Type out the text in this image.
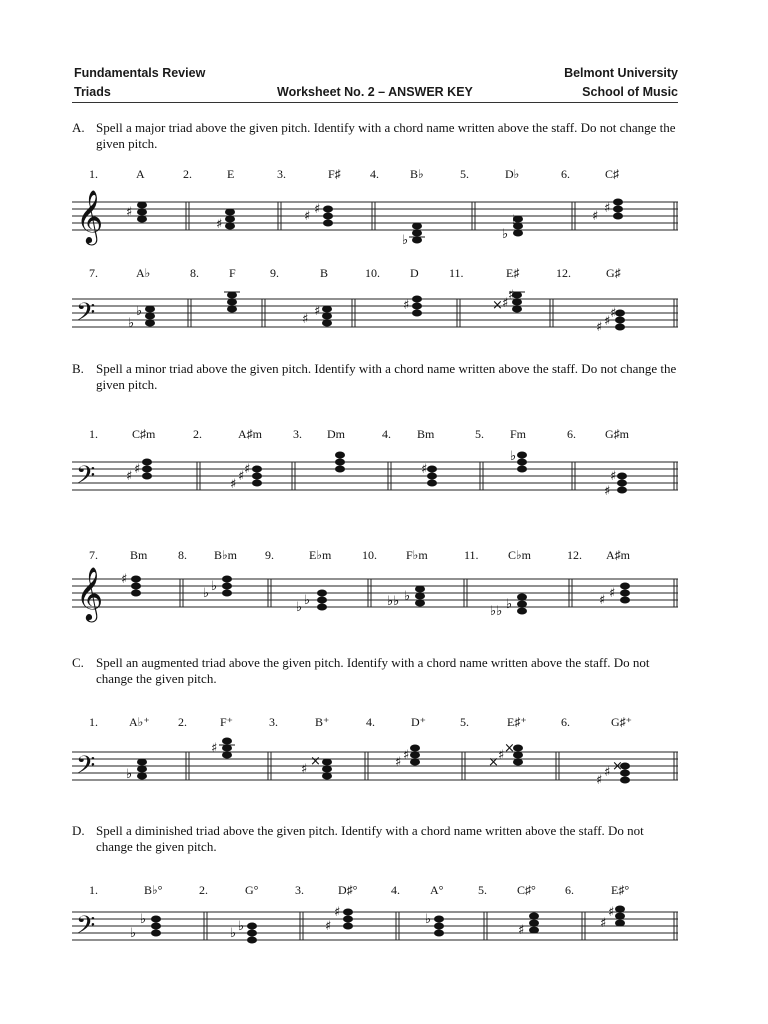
Fundamentals Review
Triads	Worksheet No. 2 – ANSWER KEY
Belmont University
School of Music
A. Spell a major triad above the given pitch. Identify with a chord name written above the staff. Do not change the given pitch.
B. Spell a minor triad above the given pitch. Identify with a chord name written above the staff. Do not change the given pitch.
C. Spell an augmented triad above the given pitch. Identify with a chord name written above the staff. Do not change the given pitch.
D. Spell a diminished triad above the given pitch. Identify with a chord name written above the staff. Do not change the given pitch.
1.	A	2.	E	3.	F♯ 4.	B♭	5.	D♭	6.	C♯
𝄞 ♯
♯
♯ ♯
♭	♭
♭	♯
♯
7.	A♭	8.	F	9.	B	10.	D	11.	E♯	12.	G♯
𝄢	♭
♭
♯
♯	♯	× ♯
♯
♯ ♯
♯
1.	C♯m	2.	A♯m	3. Dm	4. Bm	5. Fm	6. G♯m
𝄢 ♯ ♯
♯
♯ ♯	♯
♭
♯
♯
7.	Bm	8. B♭m 9.	E♭m	10. F♭m	11. C♭m	12. A♯m
𝄞 ♯
♭ ♭
♭ ♭	♭♭ ♭
♭♭ ♭	♯ ♯
1.	A♭⁺ 2.	F⁺	3.	B⁺	4.	D⁺	5.	E♯⁺	6.	G♯⁺
𝄢 ♭
♯
♯
×	♯ ♯	× ♯ ×
♯
♯ ×
1.	B♭°	2.	G°	3.	D♯°	4.	A°	5.	C♯° 6.	E♯°
𝄢	♭
♭
♭ ♭	♯
♯	♭
♯	♯
♯
